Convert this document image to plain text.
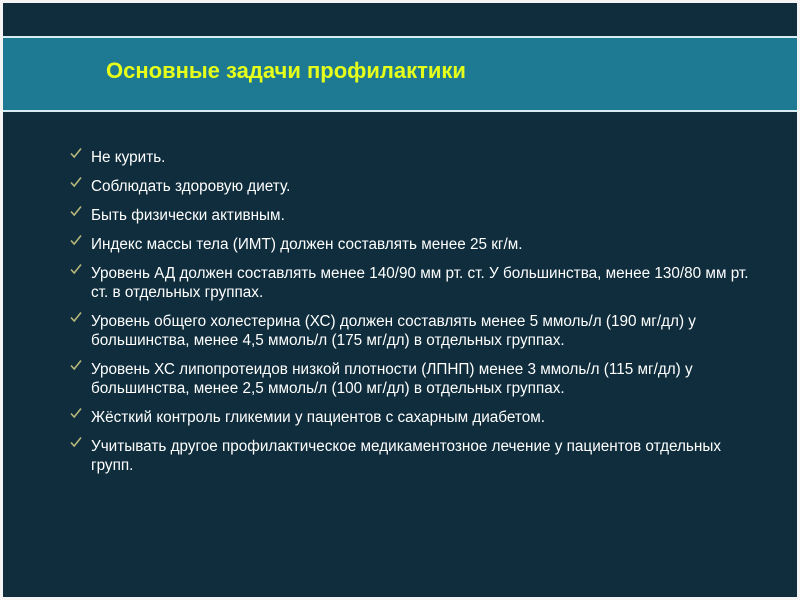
Основные задачи профилактики
Не курить.
Соблюдать здоровую диету.
Быть физически активным.
Индекс массы тела (ИМТ) должен составлять менее 25 кг/м.
Уровень АД должен составлять менее 140/90 мм рт. ст. У большинства, менее 130/80 мм рт. ст. в отдельных группах.
Уровень общего холестерина (ХС) должен составлять менее 5 ммоль/л (190 мг/дл) у большинства, менее 4,5 ммоль/л (175 мг/дл) в отдельных группах.
Уровень ХС липопротеидов низкой плотности (ЛПНП) менее 3 ммоль/л (115 мг/дл) у большинства, менее 2,5 ммоль/л (100 мг/дл) в отдельных группах.
Жёсткий контроль гликемии у пациентов с сахарным диабетом.
Учитывать другое профилактическое медикаментозное лечение у пациентов отдельных групп.
